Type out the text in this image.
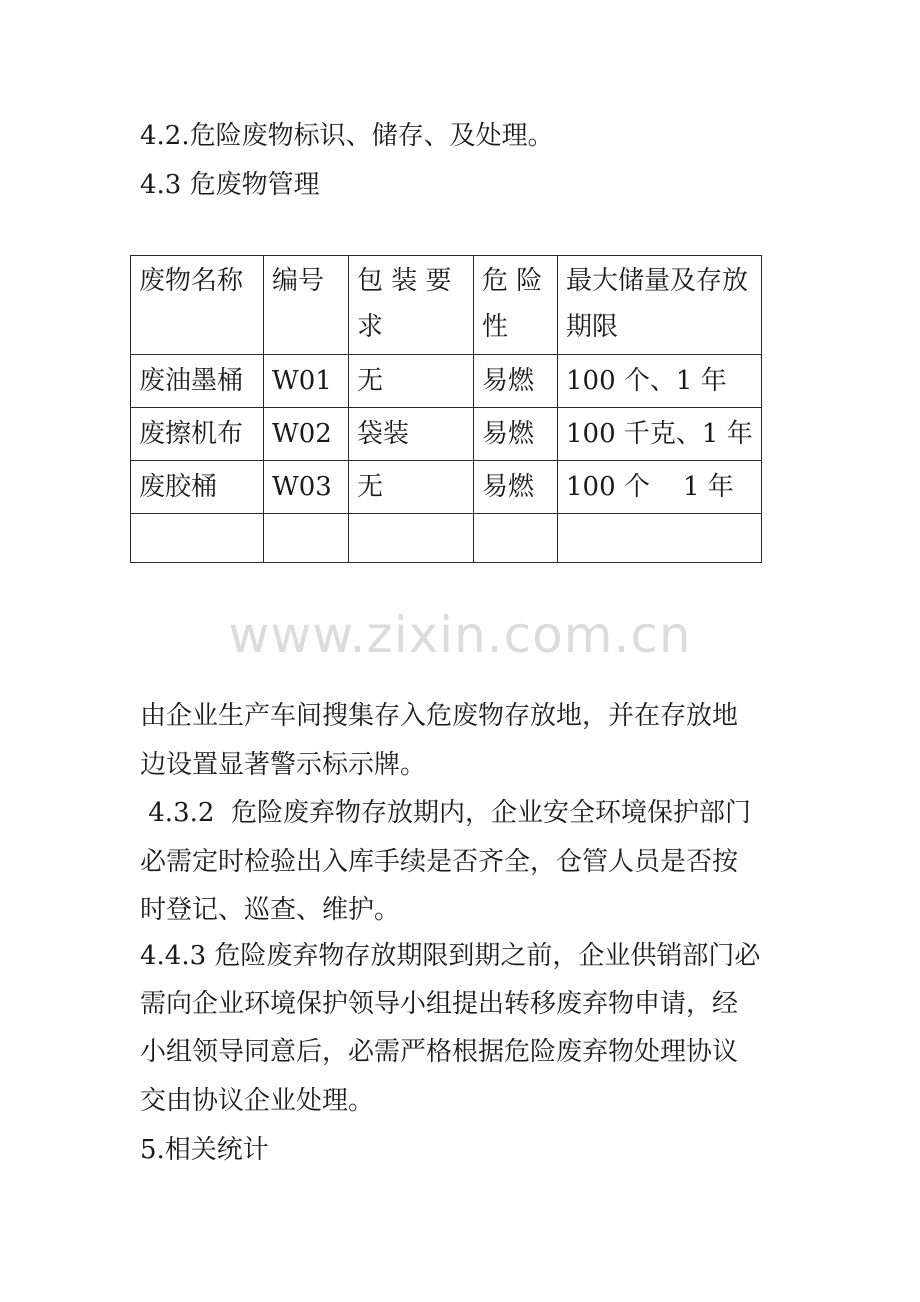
4.2.危险废物标识、储存、及处理。

4.3 危废物管理

废物名称	编号	包 装 要 求	危 险 性	最大储量及存放期限
废油墨桶	W01	无	易燃	100 个、1 年
废擦机布	W02	袋装	易燃	100 千克、1 年
废胶桶	W03	无	易燃	100 个    1 年

www.zixin.com.cn

由企业生产车间搜集存入危废物存放地，并在存放地

边设置显著警示标示牌。

4.3.2  危险废弃物存放期内，企业安全环境保护部门

必需定时检验出入库手续是否齐全，仓管人员是否按

时登记、巡查、维护。

4.4.3 危险废弃物存放期限到期之前，企业供销部门必

需向企业环境保护领导小组提出转移废弃物申请，经

小组领导同意后，必需严格根据危险废弃物处理协议

交由协议企业处理。

5.相关统计
